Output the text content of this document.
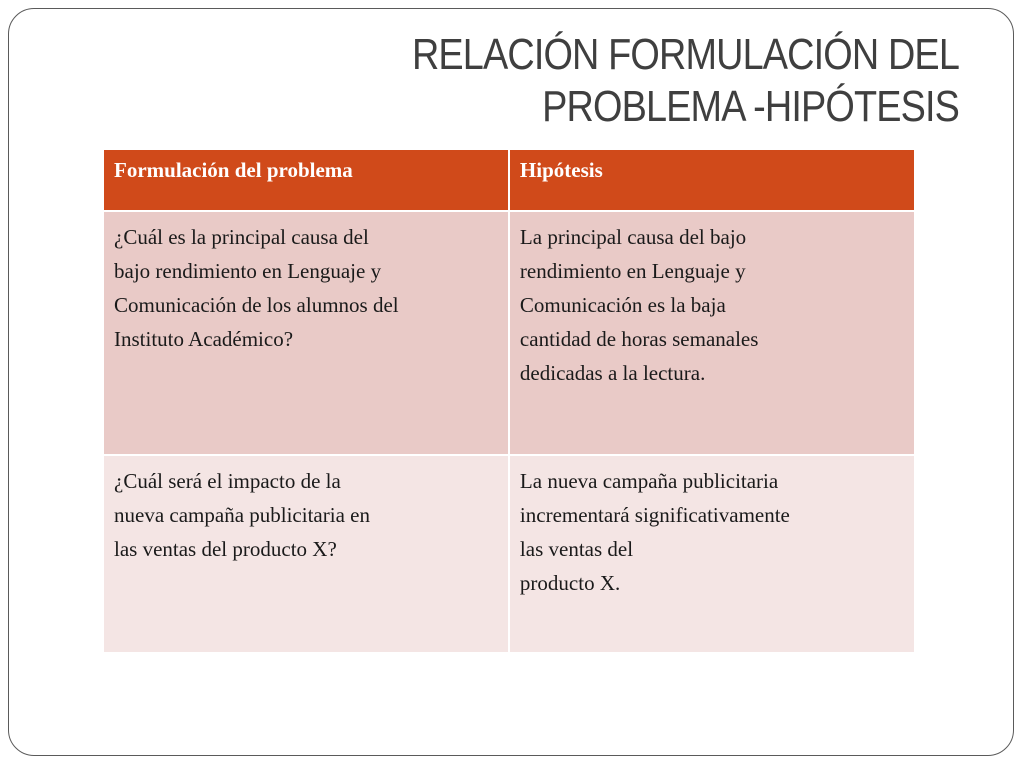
RELACIÓN FORMULACIÓN DEL
PROBLEMA -HIPÓTESIS
Formulación del problema	Hipótesis

¿Cuál es la principal causa del
bajo rendimiento en Lenguaje y
Comunicación de los alumnos del
Instituto Académico?	La principal causa del bajo
rendimiento en Lenguaje y
Comunicación es la baja
cantidad de horas semanales
dedicadas a la lectura.

¿Cuál será el impacto de la
nueva campaña publicitaria en
las ventas del producto X?	La nueva campaña publicitaria
incrementará significativamente
las ventas del
producto X.
